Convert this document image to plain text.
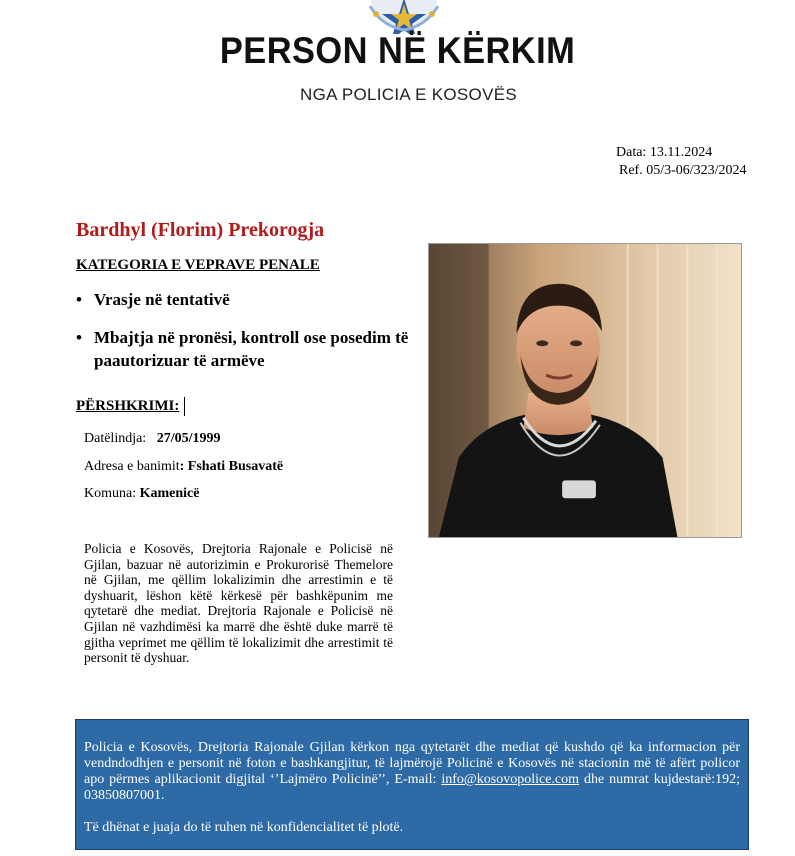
PERSON NË KËRKIM
NGA POLICIA E KOSOVËS
Data: 13.11.2024
Ref. 05/3-06/323/2024
Bardhyl (Florim) Prekorogja
KATEGORIA E VEPRAVE PENALE
• Vrasje në tentativë
• Mbajtja në pronësi, kontroll ose posedim të paautorizuar të armëve
PËRSHKRIMI:
Datëlindja: 27/05/1999
Adresa e banimit: Fshati Busavatë
Komuna: Kamenicë
Policia e Kosovës, Drejtoria Rajonale e Policisë në Gjilan, bazuar në autorizimin e Prokurorisë Themelore në Gjilan, me qëllim lokalizimin dhe arrestimin e të dyshuarit, lëshon këtë kërkesë për bashkëpunim me qytetarë dhe mediat. Drejtoria Rajonale e Policisë në Gjilan në vazhdimësi ka marrë dhe është duke marrë të gjitha veprimet me qëllim të lokalizimit dhe arrestimit të personit të dyshuar.
Policia e Kosovës, Drejtoria Rajonale Gjilan kërkon nga qytetarët dhe mediat që kushdo që ka informacion për vendndodhjen e personit në foton e bashkangjitur, të lajmërojë Policinë e Kosovës në stacionin më të afërt policor apo përmes aplikacionit digjital ‘’Lajmëro Policinë’’, E-mail: info@kosovopolice.com dhe numrat kujdestarë:192; 03850807001.
Të dhënat e juaja do të ruhen në konfidencialitet të plotë.
